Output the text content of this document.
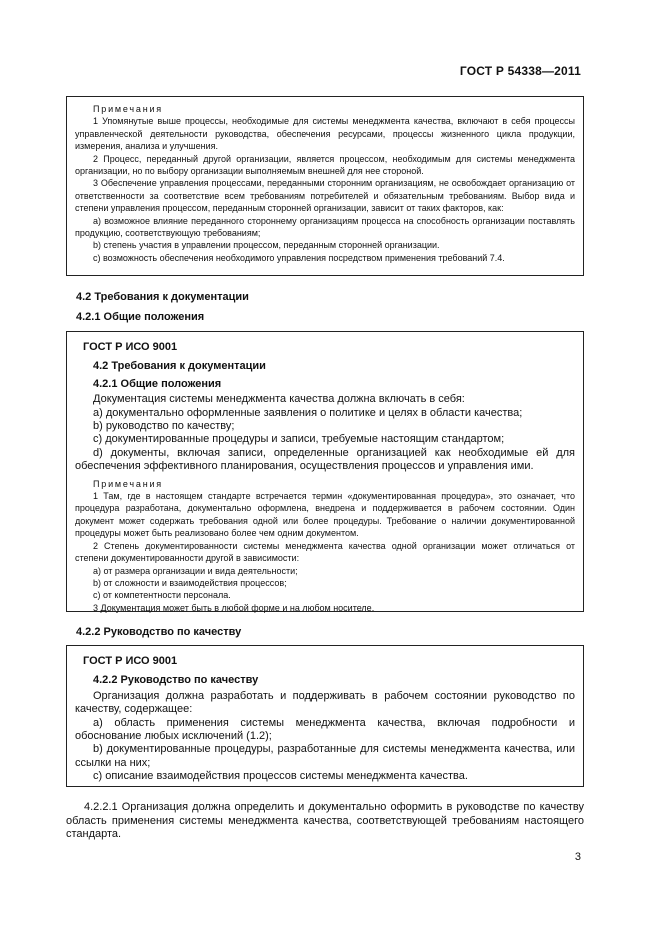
ГОСТ Р 54338—2011

Примечания

1 Упомянутые выше процессы, необходимые для системы менеджмента качества, включают в себя процессы управленческой деятельности руководства, обеспечения ресурсами, процессы жизненного цикла продукции, измерения, анализа и улучшения.

2 Процесс, переданный другой организации, является процессом, необходимым для системы менеджмента организации, но по выбору организации выполняемым внешней для нее стороной.

3 Обеспечение управления процессами, переданными сторонним организациям, не освобождает организацию от ответственности за соответствие всем требованиям потребителей и обязательным требованиям. Выбор вида и степени управления процессом, переданным сторонней организации, зависит от таких факторов, как:

a) возможное влияние переданного стороннему организациям процесса на способность организации поставлять продукцию, соответствующую требованиям;

b) степень участия в управлении процессом, переданным сторонней организации.

c) возможность обеспечения необходимого управления посредством применения требований 7.4.

4.2 Требования к документации
4.2.1 Общие положения

ГОСТ Р ИСО 9001

4.2 Требования к документации

4.2.1 Общие положения

Документация системы менеджмента качества должна включать в себя:

a) документально оформленные заявления о политике и целях в области качества;

b) руководство по качеству;

c) документированные процедуры и записи, требуемые настоящим стандартом;

d) документы, включая записи, определенные организацией как необходимые ей для обеспечения эффективного планирования, осуществления процессов и управления ими.

Примечания

1 Там, где в настоящем стандарте встречается термин «документированная процедура», это означает, что процедура разработана, документально оформлена, внедрена и поддерживается в рабочем состоянии. Один документ может содержать требования одной или более процедуры. Требование о наличии документированной процедуры может быть реализовано более чем одним документом.

2 Степень документированности системы менеджмента качества одной организации может отличаться от степени документированности другой в зависимости:

a) от размера организации и вида деятельности;

b) от сложности и взаимодействия процессов;

c) от компетентности персонала.

3 Документация может быть в любой форме и на любом носителе.

4.2.2 Руководство по качеству

ГОСТ Р ИСО 9001

4.2.2 Руководство по качеству

Организация должна разработать и поддерживать в рабочем состоянии руководство по качеству, содержащее:

a) область применения системы менеджмента качества, включая подробности и обоснование любых исключений (1.2);

b) документированные процедуры, разработанные для системы менеджмента качества, или ссылки на них;

c) описание взаимодействия процессов системы менеджмента качества.

4.2.2.1 Организация должна определить и документально оформить в руководстве по качеству область применения системы менеджмента качества, соответствующей требованиям настоящего стандарта.

3
